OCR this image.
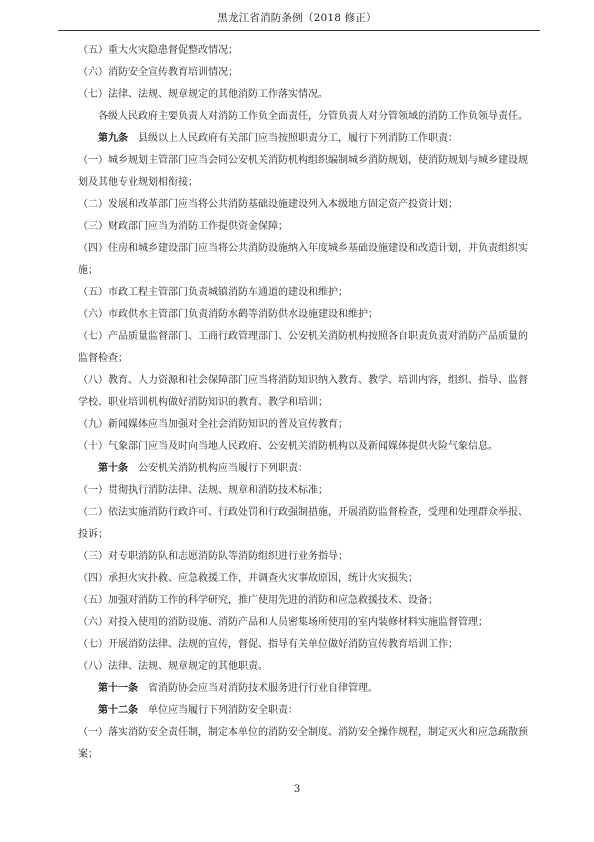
黑龙江省消防条例（2018 修正）

（五）重大火灾隐患督促整改情况；

（六）消防安全宣传教育培训情况；

（七）法律、法规、规章规定的其他消防工作落实情况。

各级人民政府主要负责人对消防工作负全面责任，分管负责人对分管领域的消防工作负领导责任。

第九条  县级以上人民政府有关部门应当按照职责分工，履行下列消防工作职责：

（一）城乡规划主管部门应当会同公安机关消防机构组织编制城乡消防规划，使消防规划与城乡建设规划及其他专业规划相衔接；

（二）发展和改革部门应当将公共消防基础设施建设列入本级地方固定资产投资计划；

（三）财政部门应当为消防工作提供资金保障；

（四）住房和城乡建设部门应当将公共消防设施纳入年度城乡基础设施建设和改造计划，并负责组织实施；

（五）市政工程主管部门负责城镇消防车通道的建设和维护；

（六）市政供水主管部门负责消防水鹤等消防供水设施建设和维护；

（七）产品质量监督部门、工商行政管理部门、公安机关消防机构按照各自职责负责对消防产品质量的监督检查；

（八）教育、人力资源和社会保障部门应当将消防知识纳入教育、教学、培训内容，组织、指导、监督学校、职业培训机构做好消防知识的教育、教学和培训；

（九）新闻媒体应当加强对全社会消防知识的普及宣传教育；

（十）气象部门应当及时向当地人民政府、公安机关消防机构以及新闻媒体提供火险气象信息。

第十条  公安机关消防机构应当履行下列职责：

（一）贯彻执行消防法律、法规、规章和消防技术标准；

（二）依法实施消防行政许可、行政处罚和行政强制措施，开展消防监督检查，受理和处理群众举报、投诉；

（三）对专职消防队和志愿消防队等消防组织进行业务指导；

（四）承担火灾扑救、应急救援工作，并调查火灾事故原因，统计火灾损失；

（五）加强对消防工作的科学研究，推广使用先进的消防和应急救援技术、设备；

（六）对投入使用的消防设施、消防产品和人员密集场所使用的室内装修材料实施监督管理；

（七）开展消防法律、法规的宣传，督促、指导有关单位做好消防宣传教育培训工作；

（八）法律、法规、规章规定的其他职责。

第十一条  省消防协会应当对消防技术服务进行行业自律管理。

第十二条  单位应当履行下列消防安全职责：

（一）落实消防安全责任制，制定本单位的消防安全制度、消防安全操作规程，制定灭火和应急疏散预案；

3
